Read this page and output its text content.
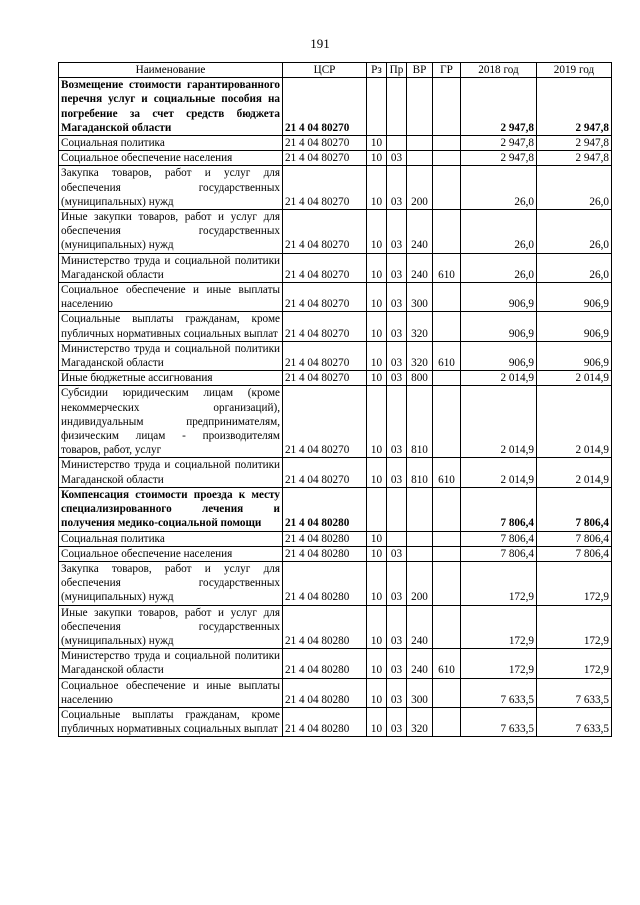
191
Наименование	ЦСР	Рз	Пр	ВР	ГР	2018 год	2019 год
Возмещение стоимости гарантированного перечня услуг и социальные пособия на погребение за счет средств бюджета Магаданской области	21 4 04 80270					2 947,8	2 947,8
Социальная политика	21 4 04 80270	10				2 947,8	2 947,8
Социальное обеспечение населения	21 4 04 80270	10	03			2 947,8	2 947,8
Закупка товаров, работ и услуг для обеспечения государственных (муниципальных) нужд	21 4 04 80270	10	03	200		26,0	26,0
Иные закупки товаров, работ и услуг для обеспечения государственных (муниципальных) нужд	21 4 04 80270	10	03	240		26,0	26,0
Министерство труда и социальной политики Магаданской области	21 4 04 80270	10	03	240	610	26,0	26,0
Социальное обеспечение и иные выплаты населению	21 4 04 80270	10	03	300		906,9	906,9
Социальные выплаты гражданам, кроме публичных нормативных социальных выплат	21 4 04 80270	10	03	320		906,9	906,9
Министерство труда и социальной политики Магаданской области	21 4 04 80270	10	03	320	610	906,9	906,9
Иные бюджетные ассигнования	21 4 04 80270	10	03	800		2 014,9	2 014,9
Субсидии юридическим лицам (кроме некоммерческих организаций), индивидуальным предпринимателям, физическим лицам - производителям товаров, работ, услуг	21 4 04 80270	10	03	810		2 014,9	2 014,9
Министерство труда и социальной политики Магаданской области	21 4 04 80270	10	03	810	610	2 014,9	2 014,9
Компенсация стоимости проезда к месту специализированного лечения и получения медико-социальной помощи	21 4 04 80280					7 806,4	7 806,4
Социальная политика	21 4 04 80280	10				7 806,4	7 806,4
Социальное обеспечение населения	21 4 04 80280	10	03			7 806,4	7 806,4
Закупка товаров, работ и услуг для обеспечения государственных (муниципальных) нужд	21 4 04 80280	10	03	200		172,9	172,9
Иные закупки товаров, работ и услуг для обеспечения государственных (муниципальных) нужд	21 4 04 80280	10	03	240		172,9	172,9
Министерство труда и социальной политики Магаданской области	21 4 04 80280	10	03	240	610	172,9	172,9
Социальное обеспечение и иные выплаты населению	21 4 04 80280	10	03	300		7 633,5	7 633,5
Социальные выплаты гражданам, кроме публичных нормативных социальных выплат	21 4 04 80280	10	03	320		7 633,5	7 633,5
